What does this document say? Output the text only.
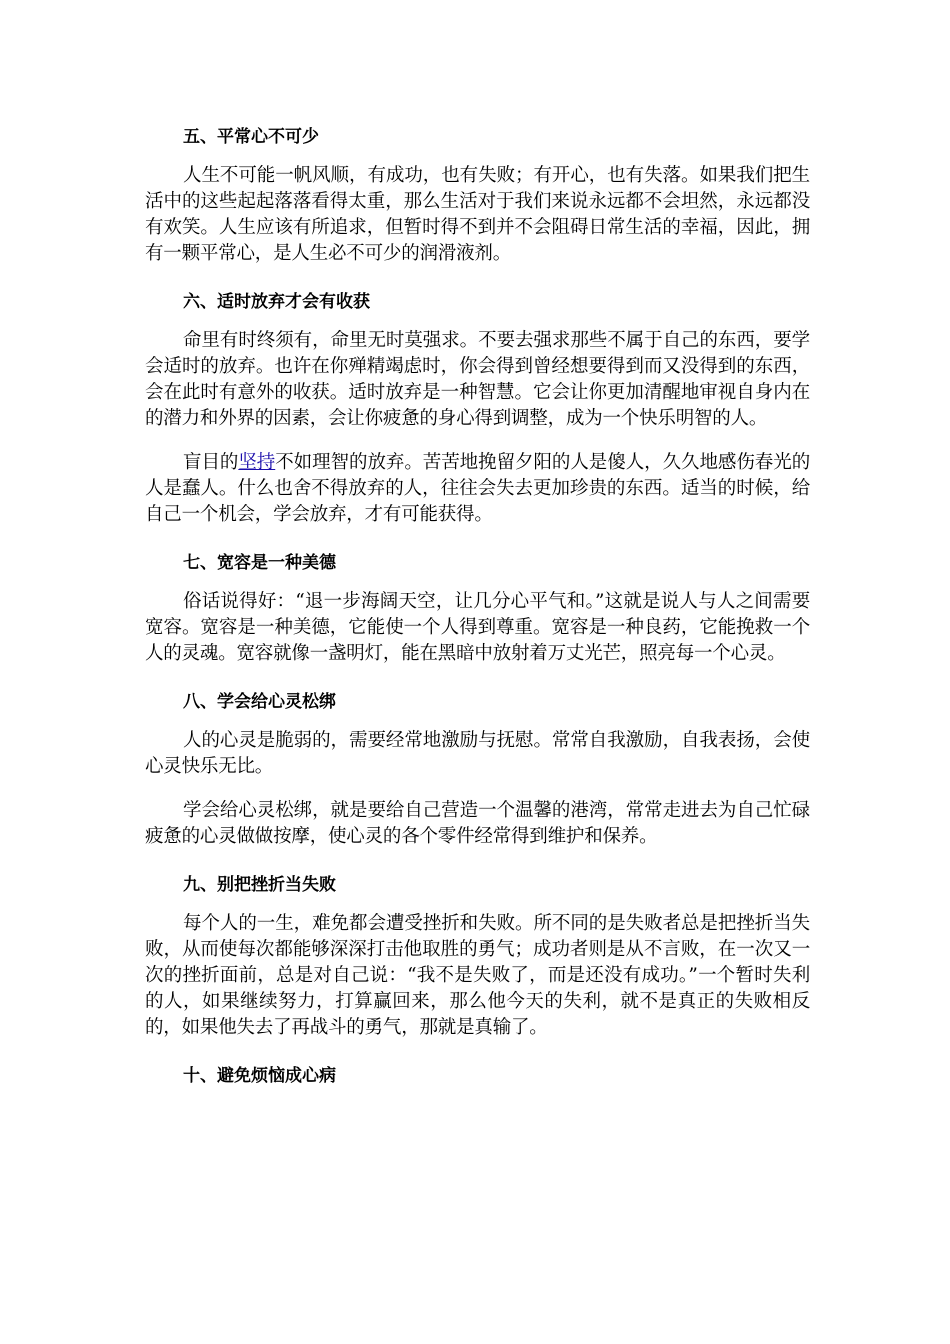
五、平常心不可少

人生不可能一帆风顺，有成功，也有失败；有开心，也有失落。如果我们把生活中的这些起起落落看得太重，那么生活对于我们来说永远都不会坦然，永远都没有欢笑。人生应该有所追求，但暂时得不到并不会阻碍日常生活的幸福，因此，拥有一颗平常心，是人生必不可少的润滑液剂。

六、适时放弃才会有收获

命里有时终须有，命里无时莫强求。不要去强求那些不属于自己的东西，要学会适时的放弃。也许在你殚精竭虑时，你会得到曾经想要得到而又没得到的东西，会在此时有意外的收获。适时放弃是一种智慧。它会让你更加清醒地审视自身内在的潜力和外界的因素，会让你疲惫的身心得到调整，成为一个快乐明智的人。

盲目的坚持不如理智的放弃。苦苦地挽留夕阳的人是傻人，久久地感伤春光的人是蠢人。什么也舍不得放弃的人，往往会失去更加珍贵的东西。适当的时候，给自己一个机会，学会放弃，才有可能获得。

七、宽容是一种美德

俗话说得好：“退一步海阔天空，让几分心平气和。”这就是说人与人之间需要宽容。宽容是一种美德，它能使一个人得到尊重。宽容是一种良药，它能挽救一个人的灵魂。宽容就像一盏明灯，能在黑暗中放射着万丈光芒，照亮每一个心灵。

八、学会给心灵松绑

人的心灵是脆弱的，需要经常地激励与抚慰。常常自我激励，自我表扬，会使心灵快乐无比。

学会给心灵松绑，就是要给自己营造一个温馨的港湾，常常走进去为自己忙碌疲惫的心灵做做按摩，使心灵的各个零件经常得到维护和保养。

九、别把挫折当失败

每个人的一生，难免都会遭受挫折和失败。所不同的是失败者总是把挫折当失败，从而使每次都能够深深打击他取胜的勇气；成功者则是从不言败，在一次又一次的挫折面前，总是对自己说：“我不是失败了，而是还没有成功。”一个暂时失利的人，如果继续努力，打算赢回来，那么他今天的失利，就不是真正的失败相反的，如果他失去了再战斗的勇气，那就是真输了。

十、避免烦恼成心病
